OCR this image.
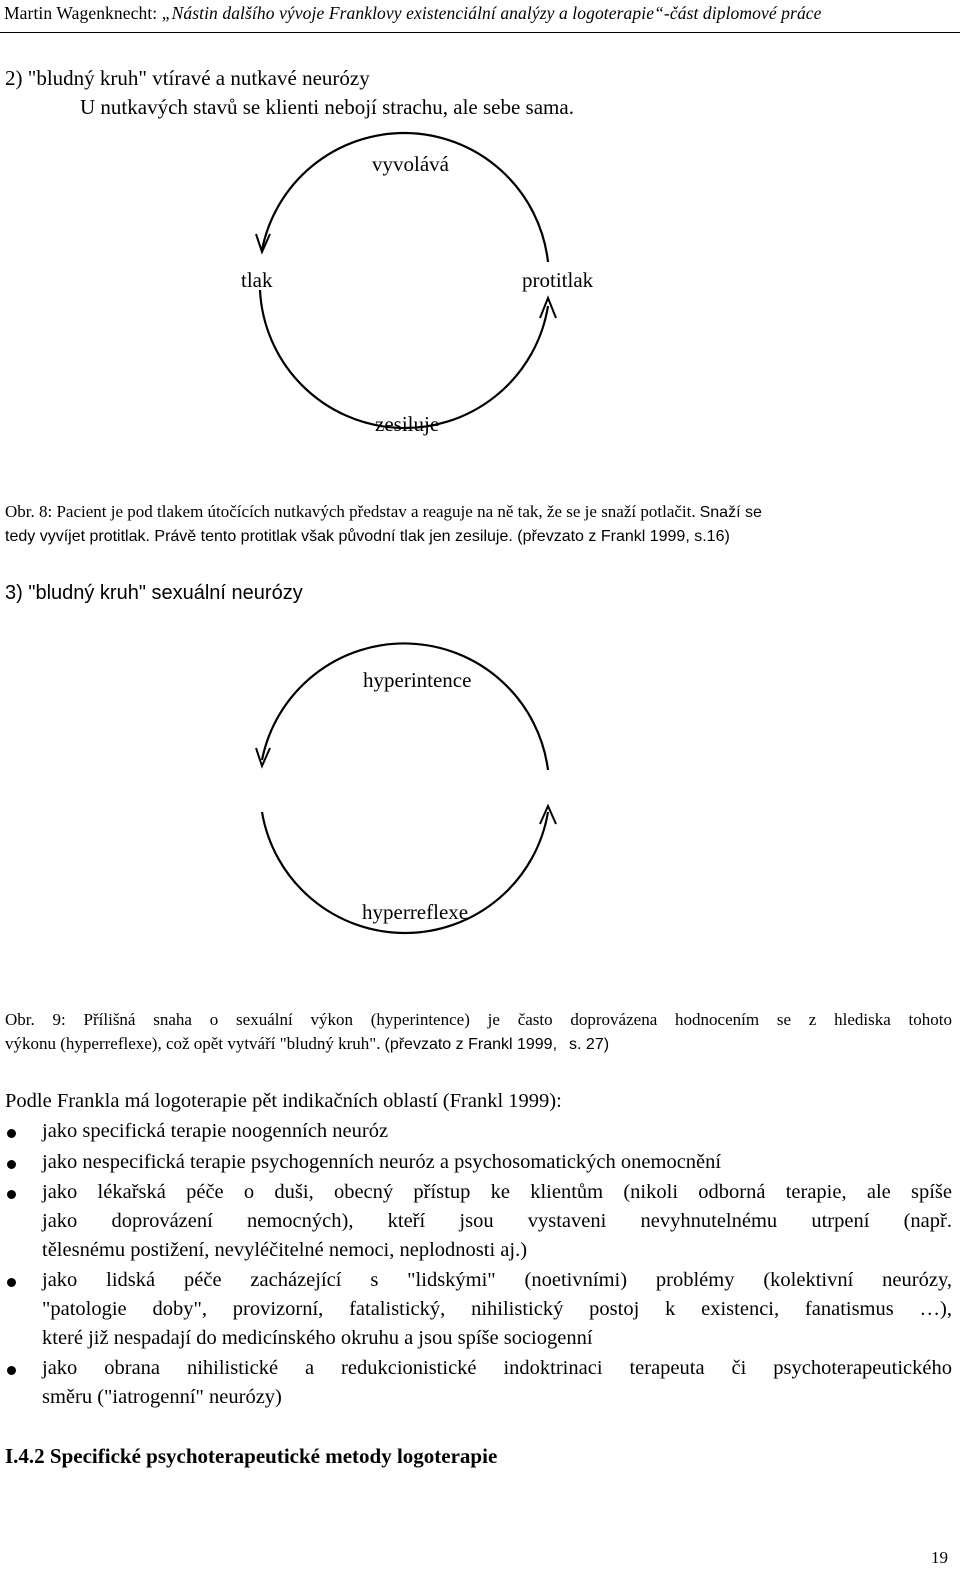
Martin Wagenknecht: „Nástin dalšího vývoje Franklovy existenciální analýzy a logoterapie“-část diplomové práce
2) "bludný kruh" vtíravé a nutkavé neurózy
U nutkavých stavů se klienti nebojí strachu, ale sebe sama.
vyvolává
tlak	protitlak
zesiluje
Obr. 8: Pacient je pod tlakem útočících nutkavých představ a reaguje na ně tak, že se je snaží potlačit. Snaží se
tedy vyvíjet protitlak. Právě tento protitlak však původní tlak jen zesiluje. (převzato z Frankl 1999, s.16)
3) "bludný kruh" sexuální neurózy
hyperintence
hyperreflexe
Obr. 9: Přílišná snaha o sexuální výkon (hyperintence) je často doprovázena hodnocením se z hlediska tohoto
výkonu (hyperreflexe), což opět vytváří "bludný kruh". (převzato z Frankl 1999, s. 27)
Podle Frankla má logoterapie pět indikačních oblastí (Frankl 1999):
jako specifická terapie noogenních neuróz
jako nespecifická terapie psychogenních neuróz a psychosomatických onemocnění
jako lékařská péče o duši, obecný přístup ke klientům (nikoli odborná terapie, ale spíše
jako doprovázení nemocných), kteří jsou vystaveni nevyhnutelnému utrpení (např.
tělesnému postižení, nevyléčitelné nemoci, neplodnosti aj.)
jako lidská péče zacházející s "lidskými" (noetivními) problémy (kolektivní neurózy,
"patologie doby", provizorní, fatalistický, nihilistický postoj k existenci, fanatismus …),
které již nespadají do medicínského okruhu a jsou spíše sociogenní
jako obrana nihilistické a redukcionistické indoktrinaci terapeuta či psychoterapeutického
směru ("iatrogenní" neurózy)
I.4.2 Specifické psychoterapeutické metody logoterapie
19
